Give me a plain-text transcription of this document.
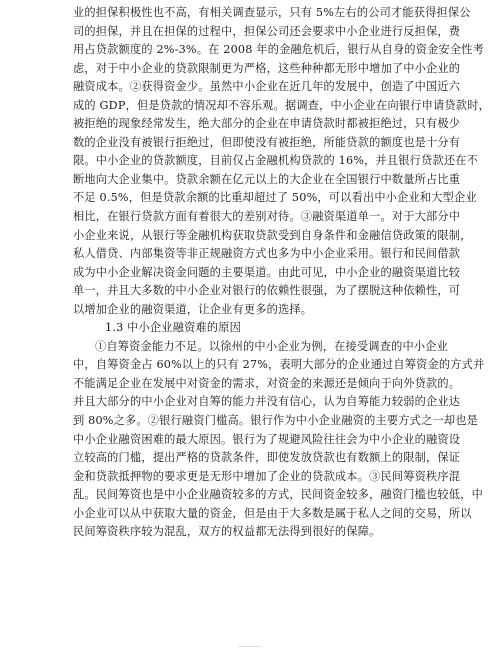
业的担保积极性也不高，有相关调查显示，只有 5%左右的公司才能获得担保公
司的担保，并且在担保的过程中，担保公司还会要求中小企业进行反担保，费
用占贷款额度的 2%-3%。在 2008 年的金融危机后，银行从自身的资金安全性考
虑，对于中小企业的贷款限制更为严格，这些种种都无形中增加了中小企业的
融资成本。②获得资金少。虽然中小企业在近几年的发展中，创造了中国近六
成的 GDP，但是贷款的情况却不容乐观。据调查，中小企业在向银行申请贷款时，
被拒绝的现象经常发生，绝大部分的企业在申请贷款时都被拒绝过，只有极少
数的企业没有被银行拒绝过，但即使没有被拒绝，所能贷款的额度也是十分有
限。中小企业的贷款额度，目前仅占金融机构贷款的 16%，并且银行贷款还在不
断地向大企业集中。贷款余额在亿元以上的大企业在全国银行中数量所占比重
不足 0.5%，但是贷款余额的比重却超过了 50%，可以看出中小企业和大型企业
相比，在银行贷款方面有着很大的差别对待。③融资渠道单一。对于大部分中
小企业来说，从银行等金融机构获取贷款受到自身条件和金融信贷政策的限制，
私人借贷、内部集资等非正规融资方式也多为中小企业采用。银行和民间借款
成为中小企业解决资金问题的主要渠道。由此可见，中小企业的融资渠道比较
单一，并且大多数的中小企业对银行的依赖性很强，为了摆脱这种依赖性，可
以增加企业的融资渠道，让企业有更多的选择。
1.3 中小企业融资难的原因
①自筹资金能力不足。以徐州的中小企业为例，在接受调查的中小企业
中，自筹资金占 60%以上的只有 27%，表明大部分的企业通过自筹资金的方式并
不能满足企业在发展中对资金的需求，对资金的来源还是倾向于向外贷款的。
并且大部分的中小企业对自筹的能力并没有信心，认为自筹能力较弱的企业达
到 80%之多。②银行融资门槛高。银行作为中小企业融资的主要方式之一却也是
中小企业融资困难的最大原因。银行为了规避风险往往会为中小企业的融资设
立较高的门槛，提出严格的贷款条件，即使发放贷款也有数额上的限制，保证
金和贷款抵押物的要求更是无形中增加了企业的贷款成本。③民间筹资秩序混
乱。民间筹资也是中小企业融资较多的方式，民间资金较多，融资门槛也较低，中
小企业可以从中获取大量的资金，但是由于大多数是属于私人之间的交易，所以
民间筹资秩序较为混乱，双方的权益都无法得到很好的保障。
